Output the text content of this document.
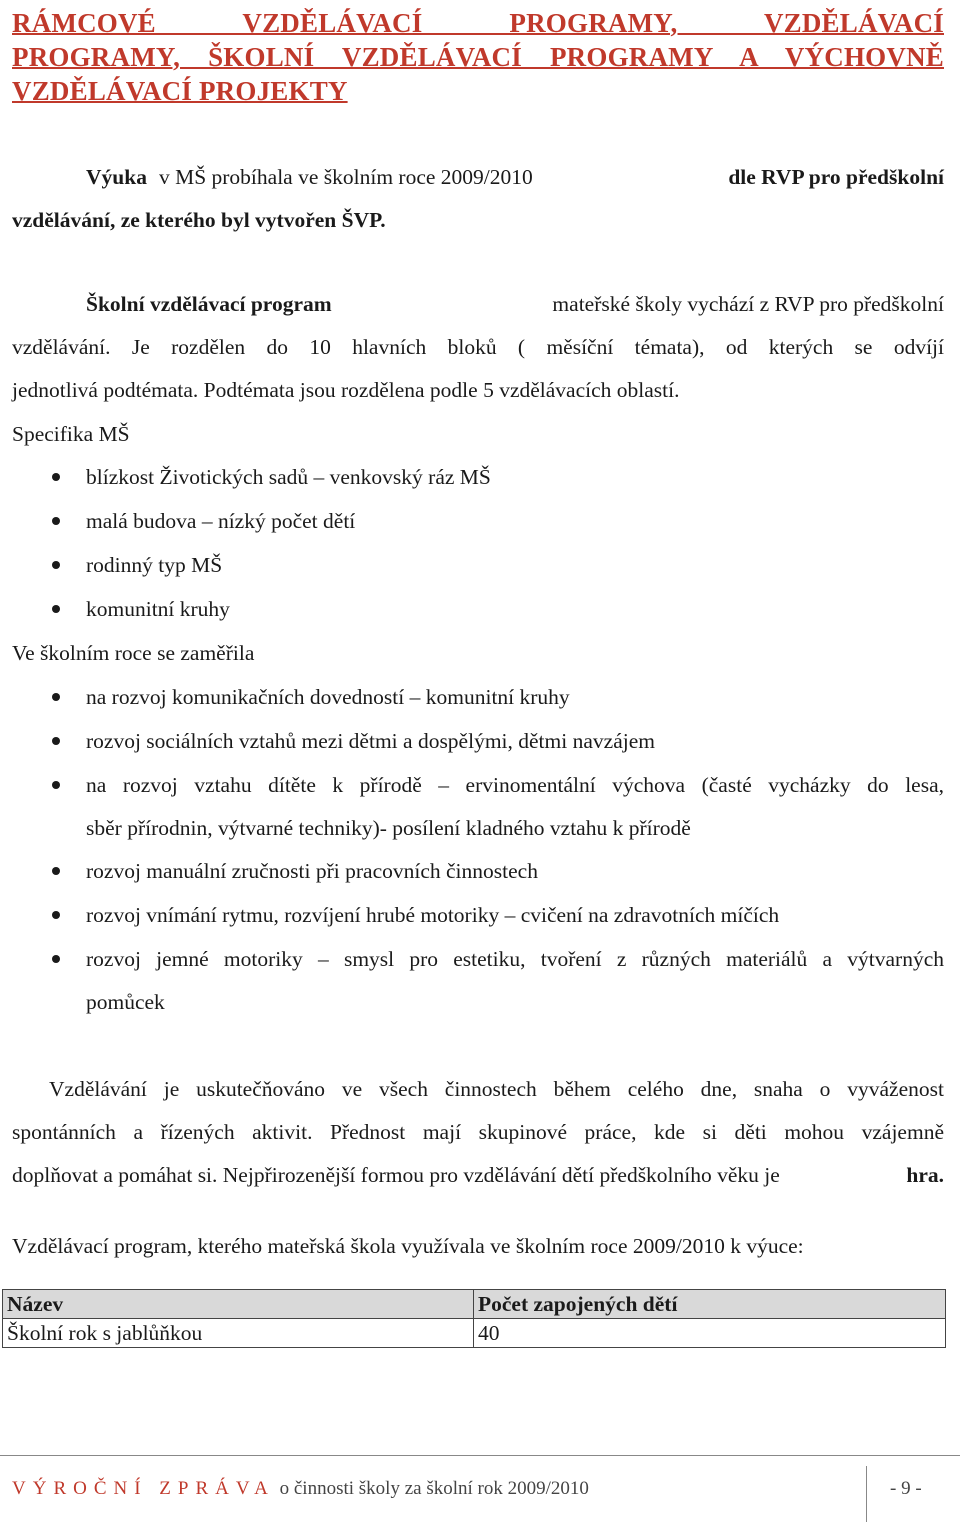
RÁMCOVÉ VZDĚLÁVACÍ PROGRAMY, VZDĚLÁVACÍ
PROGRAMY, ŠKOLNÍ VZDĚLÁVACÍ PROGRAMY A VÝCHOVNĚ
VZDĚLÁVACÍ PROJEKTY
Výuka v MŠ probíhala ve školním roce 2009/2010	dle RVP pro předškolní
vzdělávání, ze kterého byl vytvořen ŠVP.
Školní vzdělávací program	mateřské školy vychází z RVP pro předškolní
vzdělávání. Je rozdělen do 10 hlavních bloků ( měsíční témata), od kterých se odvíjí
jednotlivá podtémata. Podtémata jsou rozdělena podle 5 vzdělávacích oblastí.
Specifika MŠ
blízkost Životických sadů – venkovský ráz MŠ
malá budova – nízký počet dětí
rodinný typ MŠ
komunitní kruhy
Ve školním roce se zaměřila
na rozvoj komunikačních dovedností – komunitní kruhy
rozvoj sociálních vztahů mezi dětmi a dospělými, dětmi navzájem
na rozvoj vztahu dítěte k přírodě – ervinomentální výchova (časté vycházky do lesa,
sběr přírodnin, výtvarné techniky)- posílení kladného vztahu k přírodě
rozvoj manuální zručnosti při pracovních činnostech
rozvoj vnímání rytmu, rozvíjení hrubé motoriky – cvičení na zdravotních míčích
rozvoj jemné motoriky – smysl pro estetiku, tvoření z různých materiálů a výtvarných
pomůcek
Vzdělávání je uskutečňováno ve všech činnostech během celého dne, snaha o vyváženost
spontánních a řízených aktivit. Přednost mají skupinové práce, kde si děti mohou vzájemně
doplňovat a pomáhat si. Nejpřirozenější formou pro vzdělávání dětí předškolního věku je	hra.
Vzdělávací program, kterého mateřská škola využívala ve školním roce 2009/2010 k výuce:
Název	Počet zapojených dětí
Školní rok s jablůňkou	40
VÝROČNÍ ZPRÁVA o činnosti školy za školní rok 2009/2010	- 9 -
